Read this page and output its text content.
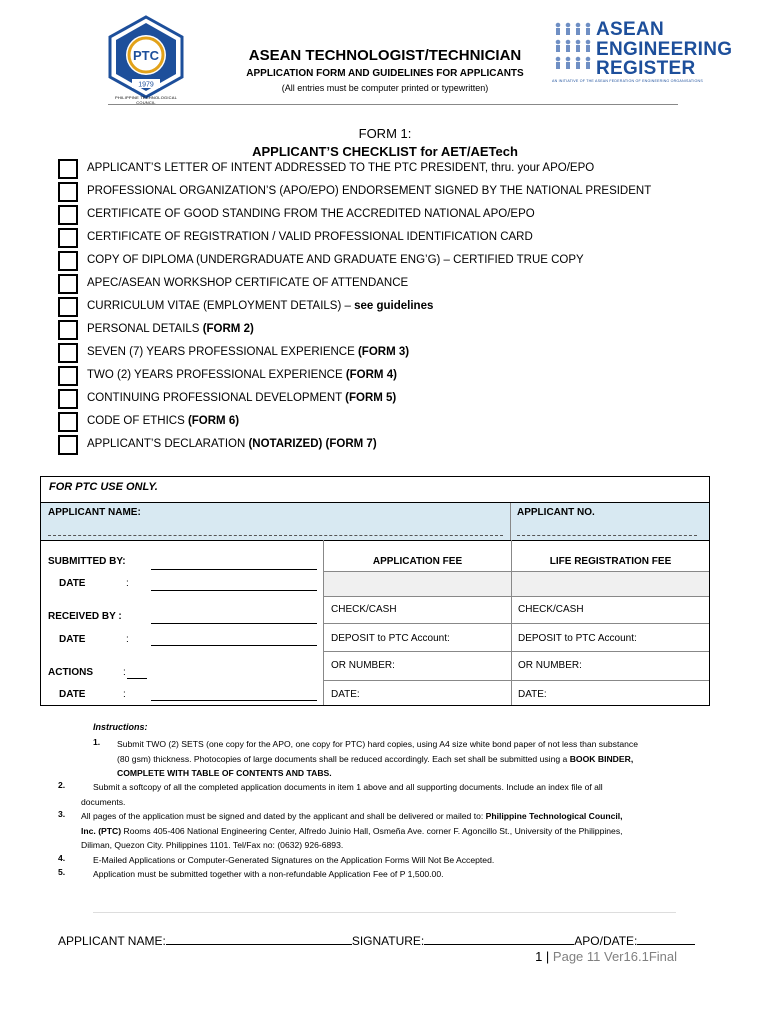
PTC
1979
PHILIPPINE TECHNOLOGICAL COUNCIL
ASEAN TECHNOLOGIST/TECHNICIAN
APPLICATION FORM AND GUIDELINES FOR APPLICANTS
(All entries must be computer printed or typewritten)
ASEAN
ENGINEERING
REGISTER
AN INITIATIVE OF THE ASEAN FEDERATION OF ENGINEERING ORGANISATIONS
FORM 1:
APPLICANT’S CHECKLIST for AET/AETech
APPLICANT’S LETTER OF INTENT ADDRESSED TO THE PTC PRESIDENT, thru. your APO/EPO
PROFESSIONAL ORGANIZATION’S (APO/EPO) ENDORSEMENT SIGNED BY THE NATIONAL PRESIDENT
CERTIFICATE OF GOOD STANDING FROM THE ACCREDITED NATIONAL APO/EPO
CERTIFICATE OF REGISTRATION / VALID PROFESSIONAL IDENTIFICATION CARD
COPY OF DIPLOMA (UNDERGRADUATE AND GRADUATE ENG’G) – CERTIFIED TRUE COPY
APEC/ASEAN WORKSHOP CERTIFICATE OF ATTENDANCE
CURRICULUM VITAE (EMPLOYMENT DETAILS) – see guidelines
PERSONAL DETAILS (FORM 2)
SEVEN (7) YEARS PROFESSIONAL EXPERIENCE (FORM 3)
TWO (2) YEARS PROFESSIONAL EXPERIENCE (FORM 4)
CONTINUING PROFESSIONAL DEVELOPMENT (FORM 5)
CODE OF ETHICS (FORM 6)
APPLICANT’S DECLARATION (NOTARIZED) (FORM 7)
FOR PTC USE ONLY.
APPLICANT NAME:	APPLICANT NO.
SUBMITTED BY:
DATE	:
RECEIVED BY :
DATE	:
ACTIONS	:
DATE	:
APPLICATION FEE	LIFE REGISTRATION FEE
CHECK/CASH	CHECK/CASH
DEPOSIT to PTC Account:	DEPOSIT to PTC Account:
OR NUMBER:	OR NUMBER:
DATE:	DATE:
Instructions:
1. Submit TWO (2) SETS (one copy for the APO, one copy for PTC) hard copies, using A4 size white bond paper of not less than substance
(80 gsm) thickness. Photocopies of large documents shall be reduced accordingly. Each set shall be submitted using a BOOK BINDER,
COMPLETE WITH TABLE OF CONTENTS AND TABS.
2.	Submit a softcopy of all the completed application documents in item 1 above and all supporting documents. Include an index file of all
documents.
3. All pages of the application must be signed and dated by the applicant and shall be delivered or mailed to: Philippine Technological Council,
Inc. (PTC) Rooms 405-406 National Engineering Center, Alfredo Juinio Hall, Osmeña Ave. corner F. Agoncillo St., University of the Philippines,
Diliman, Quezon City. Philippines 1101. Tel/Fax no: (0632) 926-6893.
4.	E-Mailed Applications or Computer-Generated Signatures on the Application Forms Will Not Be Accepted.
5.	Application must be submitted together with a non-refundable Application Fee of P 1,500.00.
APPLICANT NAME:	SIGNATURE:	APO/DATE:
1 | Page 11 Ver16.1Final
